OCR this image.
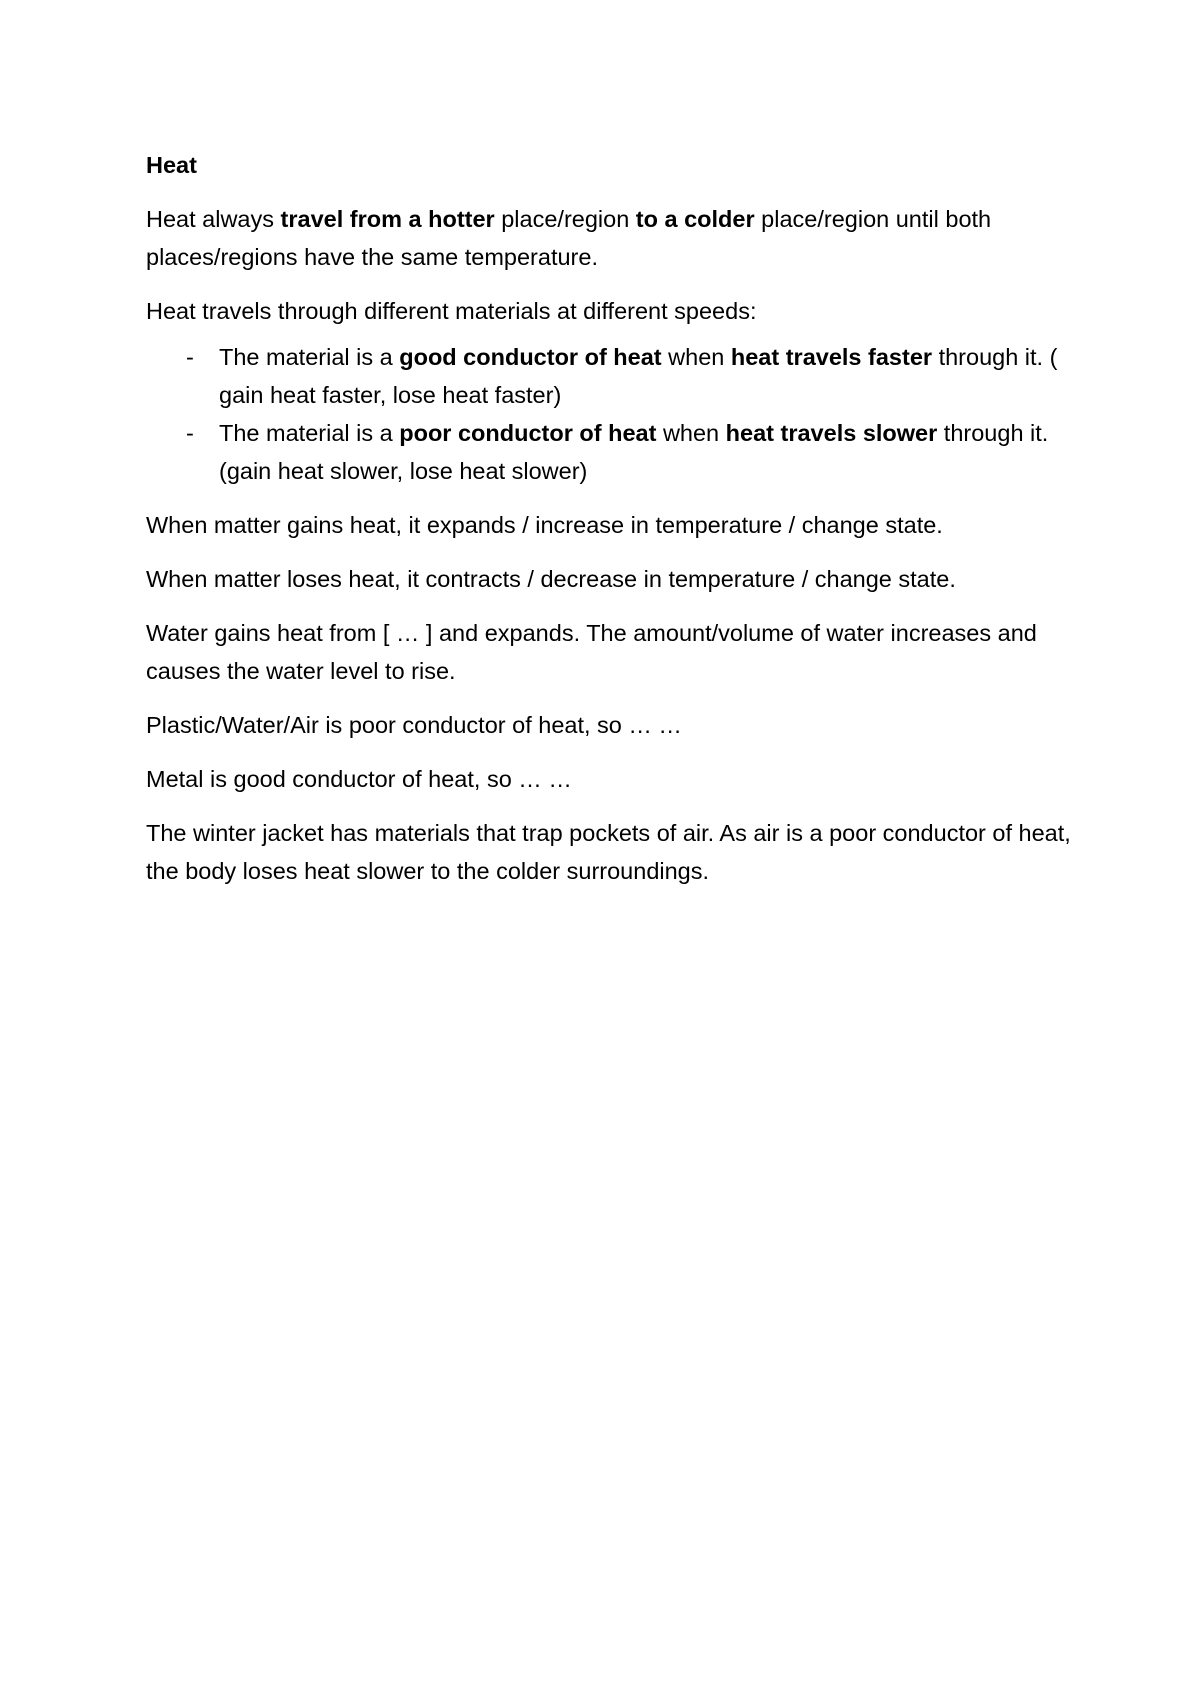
Heat

Heat always travel from a hotter place/region to a colder place/region until both places/regions have the same temperature.

Heat travels through different materials at different speeds:

- The material is a good conductor of heat when heat travels faster through it. ( gain heat faster, lose heat faster)
- The material is a poor conductor of heat when heat travels slower through it. (gain heat slower, lose heat slower)

When matter gains heat, it expands / increase in temperature / change state.

When matter loses heat, it contracts / decrease in temperature / change state.

Water gains heat from [ … ] and expands. The amount/volume of water increases and causes the water level to rise.

Plastic/Water/Air is poor conductor of heat, so … …

Metal is good conductor of heat, so … …

The winter jacket has materials that trap pockets of air. As air is a poor conductor of heat, the body loses heat slower to the colder surroundings.
